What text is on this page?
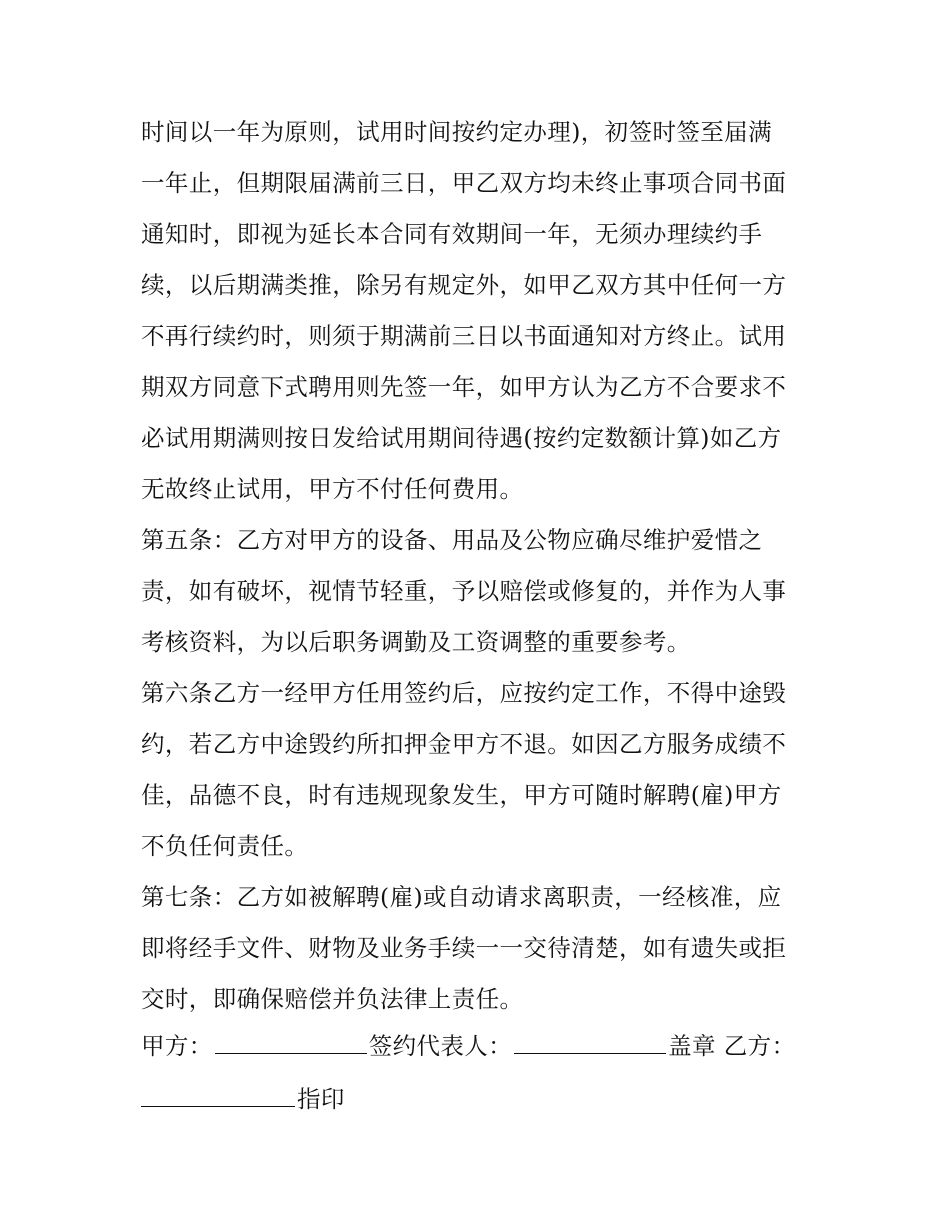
时间以一年为原则，试用时间按约定办理)，初签时签至届满
一年止，但期限届满前三日，甲乙双方均未终止事项合同书面
通知时，即视为延长本合同有效期间一年，无须办理续约手
续，以后期满类推，除另有规定外，如甲乙双方其中任何一方
不再行续约时，则须于期满前三日以书面通知对方终止。试用
期双方同意下式聘用则先签一年，如甲方认为乙方不合要求不
必试用期满则按日发给试用期间待遇(按约定数额计算)如乙方
无故终止试用，甲方不付任何费用。
第五条：乙方对甲方的设备、用品及公物应确尽维护爱惜之
责，如有破坏，视情节轻重，予以赔偿或修复的，并作为人事
考核资料，为以后职务调勤及工资调整的重要参考。
第六条乙方一经甲方任用签约后，应按约定工作，不得中途毁
约，若乙方中途毁约所扣押金甲方不退。如因乙方服务成绩不
佳，品德不良，时有违规现象发生，甲方可随时解聘(雇)甲方
不负任何责任。
第七条：乙方如被解聘(雇)或自动请求离职责，一经核准，应
即将经手文件、财物及业务手续一一交待清楚，如有遗失或拒
交时，即确保赔偿并负法律上责任。
甲方：	签约代表人：	盖章 乙方：
指印
